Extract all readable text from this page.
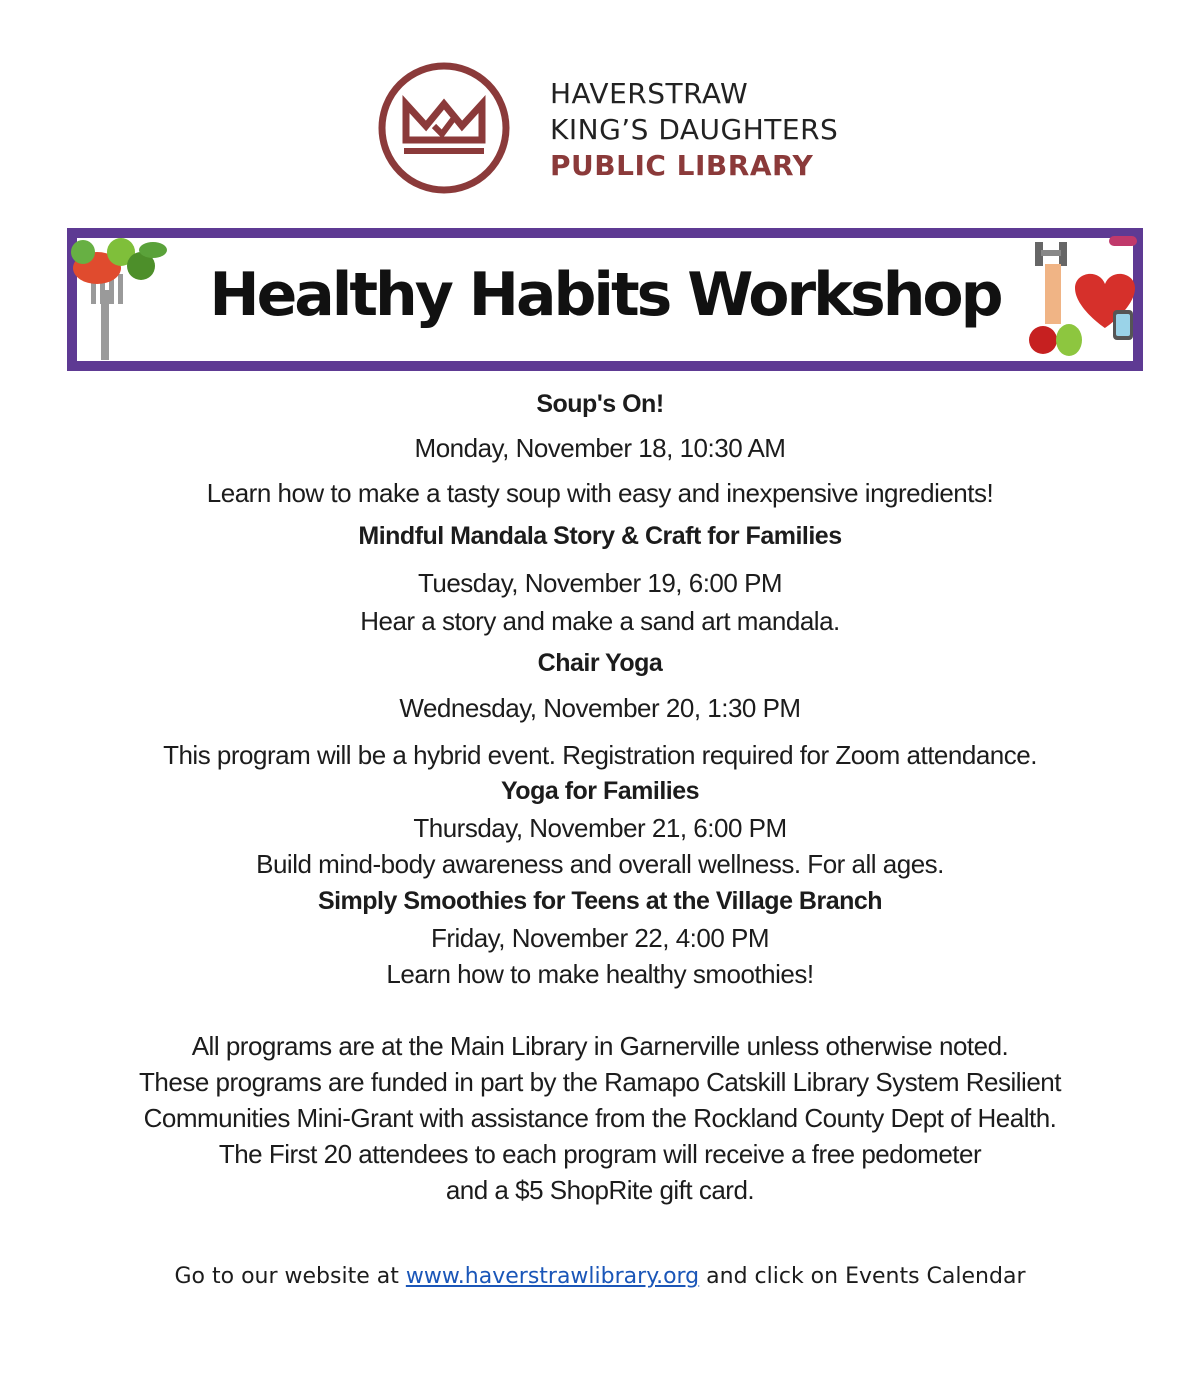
HAVERSTRAW
KING’S DAUGHTERS
PUBLIC LIBRARY
Healthy Habits Workshop
Soup's On!
Monday, November 18, 10:30 AM
Learn how to make a tasty soup with easy and inexpensive ingredients!
Mindful Mandala Story & Craft for Families
Tuesday, November 19, 6:00 PM
Hear a story and make a sand art mandala.
Chair Yoga
Wednesday, November 20, 1:30 PM
This program will be a hybrid event. Registration required for Zoom attendance.
Yoga for Families
Thursday, November 21, 6:00 PM
Build mind-body awareness and overall wellness. For all ages.
Simply Smoothies for Teens at the Village Branch
Friday, November 22, 4:00 PM
Learn how to make healthy smoothies!
All programs are at the Main Library in Garnerville unless otherwise noted.
These programs are funded in part by the Ramapo Catskill Library System Resilient
Communities Mini-Grant with assistance from the Rockland County Dept of Health.
The First 20 attendees to each program will receive a free pedometer
and a $5 ShopRite gift card.
Go to our website at www.haverstrawlibrary.org and click on Events Calendar
